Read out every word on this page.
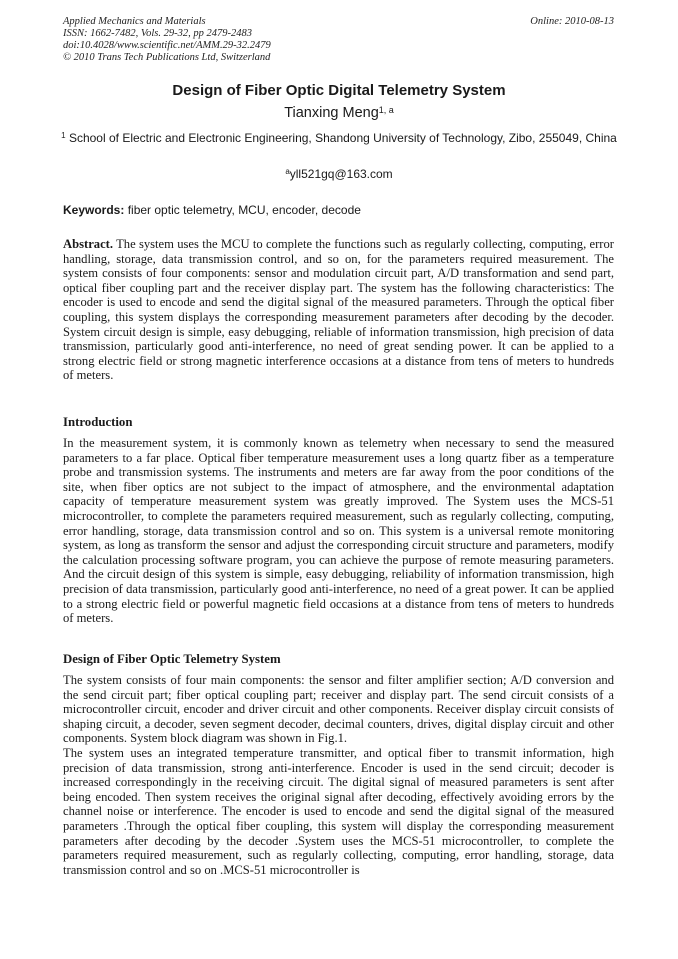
Applied Mechanics and Materials
ISSN: 1662-7482, Vols. 29-32, pp 2479-2483
doi:10.4028/www.scientific.net/AMM.29-32.2479
© 2010 Trans Tech Publications Ltd, Switzerland
Online: 2010-08-13
Design of Fiber Optic Digital Telemetry System
Tianxing Meng$^{1, a}$
$^1$ School of Electric and Electronic Engineering, Shandong University of Technology, Zibo, 255049, China
$^a$yll521gq@163.com
Keywords: fiber optic telemetry, MCU, encoder, decode

Abstract. The system uses the MCU to complete the functions such as regularly collecting, computing, error handling, storage, data transmission control, and so on, for the parameters required measurement. The system consists of four components: sensor and modulation circuit part, A/D transformation and send part, optical fiber coupling part and the receiver display part. The system has the following characteristics: The encoder is used to encode and send the digital signal of the measured parameters. Through the optical fiber coupling, this system displays the corresponding measurement parameters after decoding by the decoder. System circuit design is simple, easy debugging, reliable of information transmission, high precision of data transmission, particularly good anti-interference, no need of great sending power. It can be applied to a strong electric field or strong magnetic interference occasions at a distance from tens of meters to hundreds of meters.

Introduction

In the measurement system, it is commonly known as telemetry when necessary to send the measured parameters to a far place. Optical fiber temperature measurement uses a long quartz fiber as a temperature probe and transmission systems. The instruments and meters are far away from the poor conditions of the site, when fiber optics are not subject to the impact of atmosphere, and the environmental adaptation capacity of temperature measurement system was greatly improved. The System uses the MCS-51 microcontroller, to complete the parameters required measurement, such as regularly collecting, computing, error handling, storage, data transmission control and so on. This system is a universal remote monitoring system, as long as transform the sensor and adjust the corresponding circuit structure and parameters, modify the calculation processing software program, you can achieve the purpose of remote measuring parameters. And the circuit design of this system is simple, easy debugging, reliability of information transmission, high precision of data transmission, particularly good anti-interference, no need of a great power. It can be applied to a strong electric field or powerful magnetic field occasions at a distance from tens of meters to hundreds of meters.

Design of Fiber Optic Telemetry System

The system consists of four main components: the sensor and filter amplifier section; A/D conversion and the send circuit part; fiber optical coupling part; receiver and display part. The send circuit consists of a microcontroller circuit, encoder and driver circuit and other components. Receiver display circuit consists of shaping circuit, a decoder, seven segment decoder, decimal counters, drives, digital display circuit and other components. System block diagram was shown in Fig.1.

The system uses an integrated temperature transmitter, and optical fiber to transmit information, high precision of data transmission, strong anti-interference. Encoder is used in the send circuit; decoder is increased correspondingly in the receiving circuit. The digital signal of measured parameters is sent after being encoded. Then system receives the original signal after decoding, effectively avoiding errors by the channel noise or interference. The encoder is used to encode and send the digital signal of the measured parameters .Through the optical fiber coupling, this system will display the corresponding measurement parameters after decoding by the decoder .System uses the MCS-51 microcontroller, to complete the parameters required measurement, such as regularly collecting, computing, error handling, storage, data transmission control and so on .MCS-51 microcontroller is
